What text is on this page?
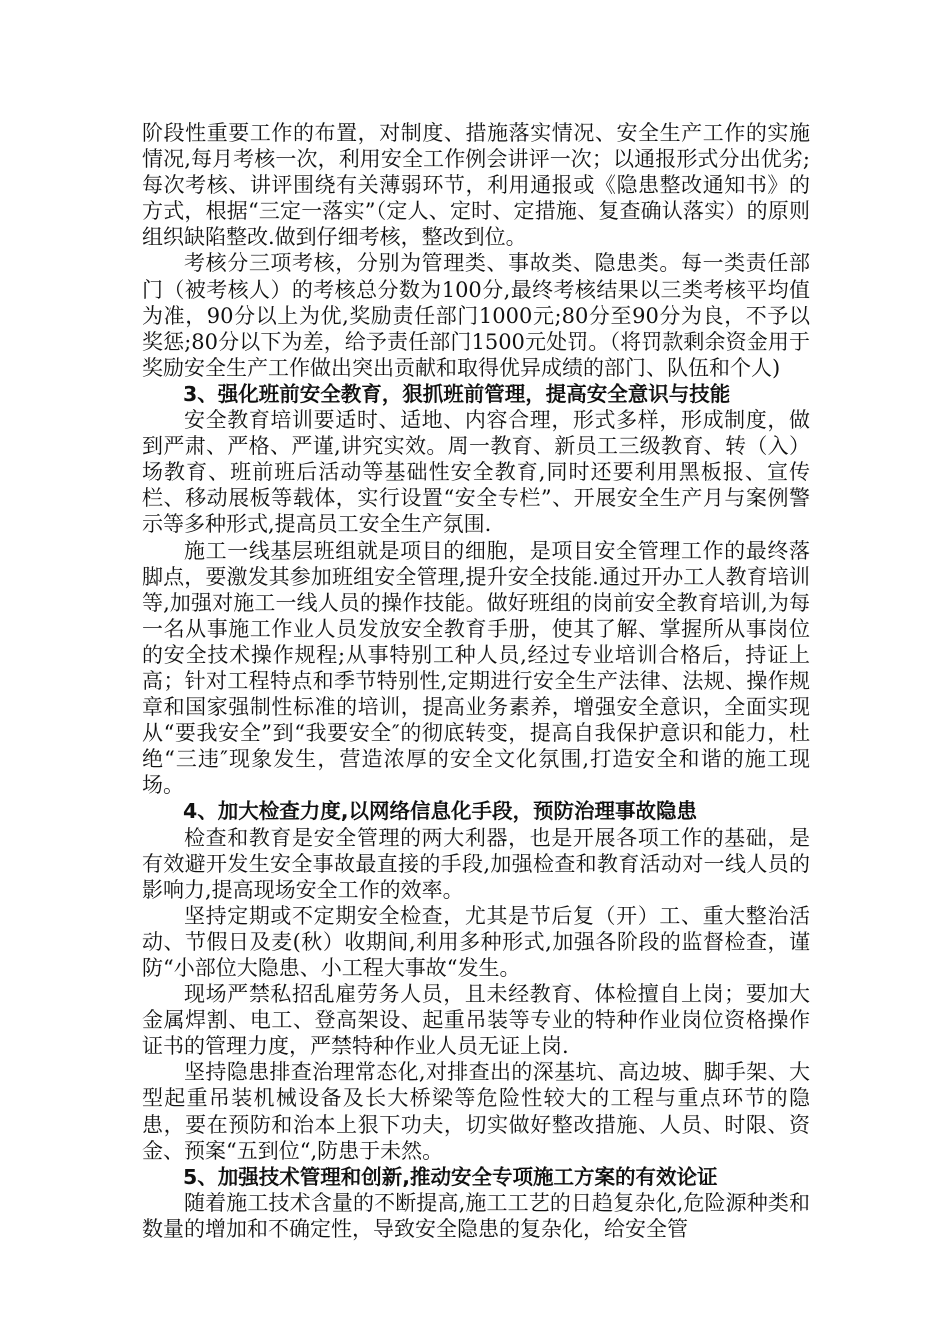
阶段性重要工作的布置，对制度、措施落实情况、安全生产工作的实施情况,每月考核一次，利用安全工作例会讲评一次；以通报形式分出优劣;每次考核、讲评围绕有关薄弱环节，利用通报或《隐患整改通知书》的方式，根据“三定一落实”（定人、定时、定措施、复查确认落实）的原则组织缺陷整改.做到仔细考核，整改到位。

考核分三项考核，分别为管理类、事故类、隐患类。每一类责任部门（被考核人）的考核总分数为100分,最终考核结果以三类考核平均值为准，90分以上为优,奖励责任部门1000元;80分至90分为良，不予以奖惩;80分以下为差，给予责任部门1500元处罚。（将罚款剩余资金用于奖励安全生产工作做出突出贡献和取得优异成绩的部门、队伍和个人)

3、强化班前安全教育，狠抓班前管理，提高安全意识与技能

安全教育培训要适时、适地、内容合理，形式多样，形成制度，做到严肃、严格、严谨,讲究实效。周一教育、新员工三级教育、转（入）场教育、班前班后活动等基础性安全教育,同时还要利用黑板报、宣传栏、移动展板等载体，实行设置“安全专栏”、开展安全生产月与案例警示等多种形式,提高员工安全生产氛围.

施工一线基层班组就是项目的细胞，是项目安全管理工作的最终落脚点，要激发其参加班组安全管理,提升安全技能.通过开办工人教育培训等,加强对施工一线人员的操作技能。做好班组的岗前安全教育培训,为每一名从事施工作业人员发放安全教育手册，使其了解、掌握所从事岗位的安全技术操作规程;从事特别工种人员,经过专业培训合格后，持证上高；针对工程特点和季节特别性,定期进行安全生产法律、法规、操作规章和国家强制性标准的培训，提高业务素养，增强安全意识，全面实现从“要我安全”到“我要安全″的彻底转变，提高自我保护意识和能力，杜绝“三违″现象发生，营造浓厚的安全文化氛围,打造安全和谐的施工现场。

4、加大检查力度,以网络信息化手段，预防治理事故隐患

检查和教育是安全管理的两大利器，也是开展各项工作的基础，是有效避开发生安全事故最直接的手段,加强检查和教育活动对一线人员的影响力,提高现场安全工作的效率。

坚持定期或不定期安全检查，尤其是节后复（开）工、重大整治活动、节假日及麦(秋）收期间,利用多种形式,加强各阶段的监督检查，谨防“小部位大隐患、小工程大事故“发生。

现场严禁私招乱雇劳务人员，且未经教育、体检擅自上岗；要加大金属焊割、电工、登高架设、起重吊装等专业的特种作业岗位资格操作证书的管理力度，严禁特种作业人员无证上岗.

坚持隐患排查治理常态化,对排查出的深基坑、高边坡、脚手架、大型起重吊装机械设备及长大桥梁等危险性较大的工程与重点环节的隐患，要在预防和治本上狠下功夫，切实做好整改措施、人员、时限、资金、预案“五到位“,防患于未然。

5、加强技术管理和创新,推动安全专项施工方案的有效论证

随着施工技术含量的不断提高,施工工艺的日趋复杂化,危险源种类和数量的增加和不确定性，导致安全隐患的复杂化，给安全管
